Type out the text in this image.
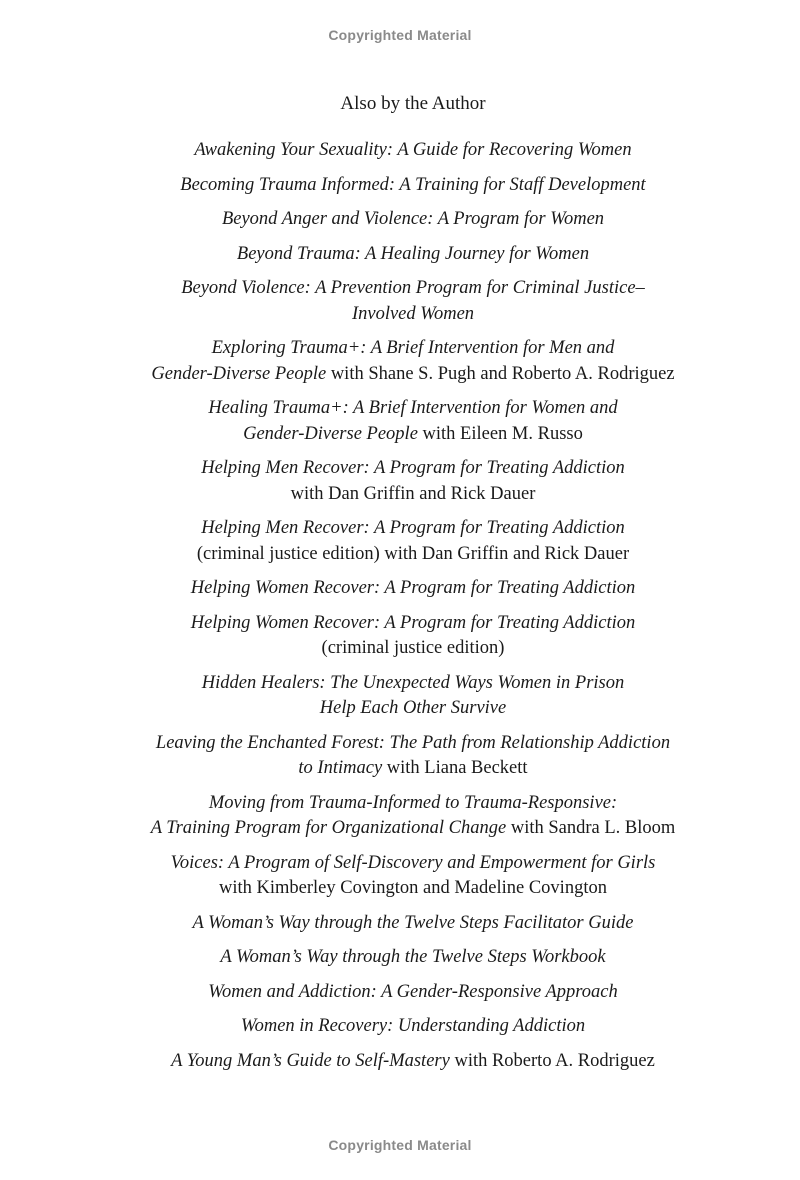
Copyrighted Material
Also by the Author
Awakening Your Sexuality: A Guide for Recovering Women
Becoming Trauma Informed: A Training for Staff Development
Beyond Anger and Violence: A Program for Women
Beyond Trauma: A Healing Journey for Women
Beyond Violence: A Prevention Program for Criminal Justice–
Involved Women
Exploring Trauma+: A Brief Intervention for Men and
Gender-Diverse People with Shane S. Pugh and Roberto A. Rodriguez
Healing Trauma+: A Brief Intervention for Women and
Gender-Diverse People with Eileen M. Russo
Helping Men Recover: A Program for Treating Addiction
with Dan Griffin and Rick Dauer
Helping Men Recover: A Program for Treating Addiction
(criminal justice edition) with Dan Griffin and Rick Dauer
Helping Women Recover: A Program for Treating Addiction
Helping Women Recover: A Program for Treating Addiction
(criminal justice edition)
Hidden Healers: The Unexpected Ways Women in Prison
Help Each Other Survive
Leaving the Enchanted Forest: The Path from Relationship Addiction
to Intimacy with Liana Beckett
Moving from Trauma-Informed to Trauma-Responsive:
A Training Program for Organizational Change with Sandra L. Bloom
Voices: A Program of Self-Discovery and Empowerment for Girls
with Kimberley Covington and Madeline Covington
A Woman’s Way through the Twelve Steps Facilitator Guide
A Woman’s Way through the Twelve Steps Workbook
Women and Addiction: A Gender-Responsive Approach
Women in Recovery: Understanding Addiction
A Young Man’s Guide to Self-Mastery with Roberto A. Rodriguez
Copyrighted Material
